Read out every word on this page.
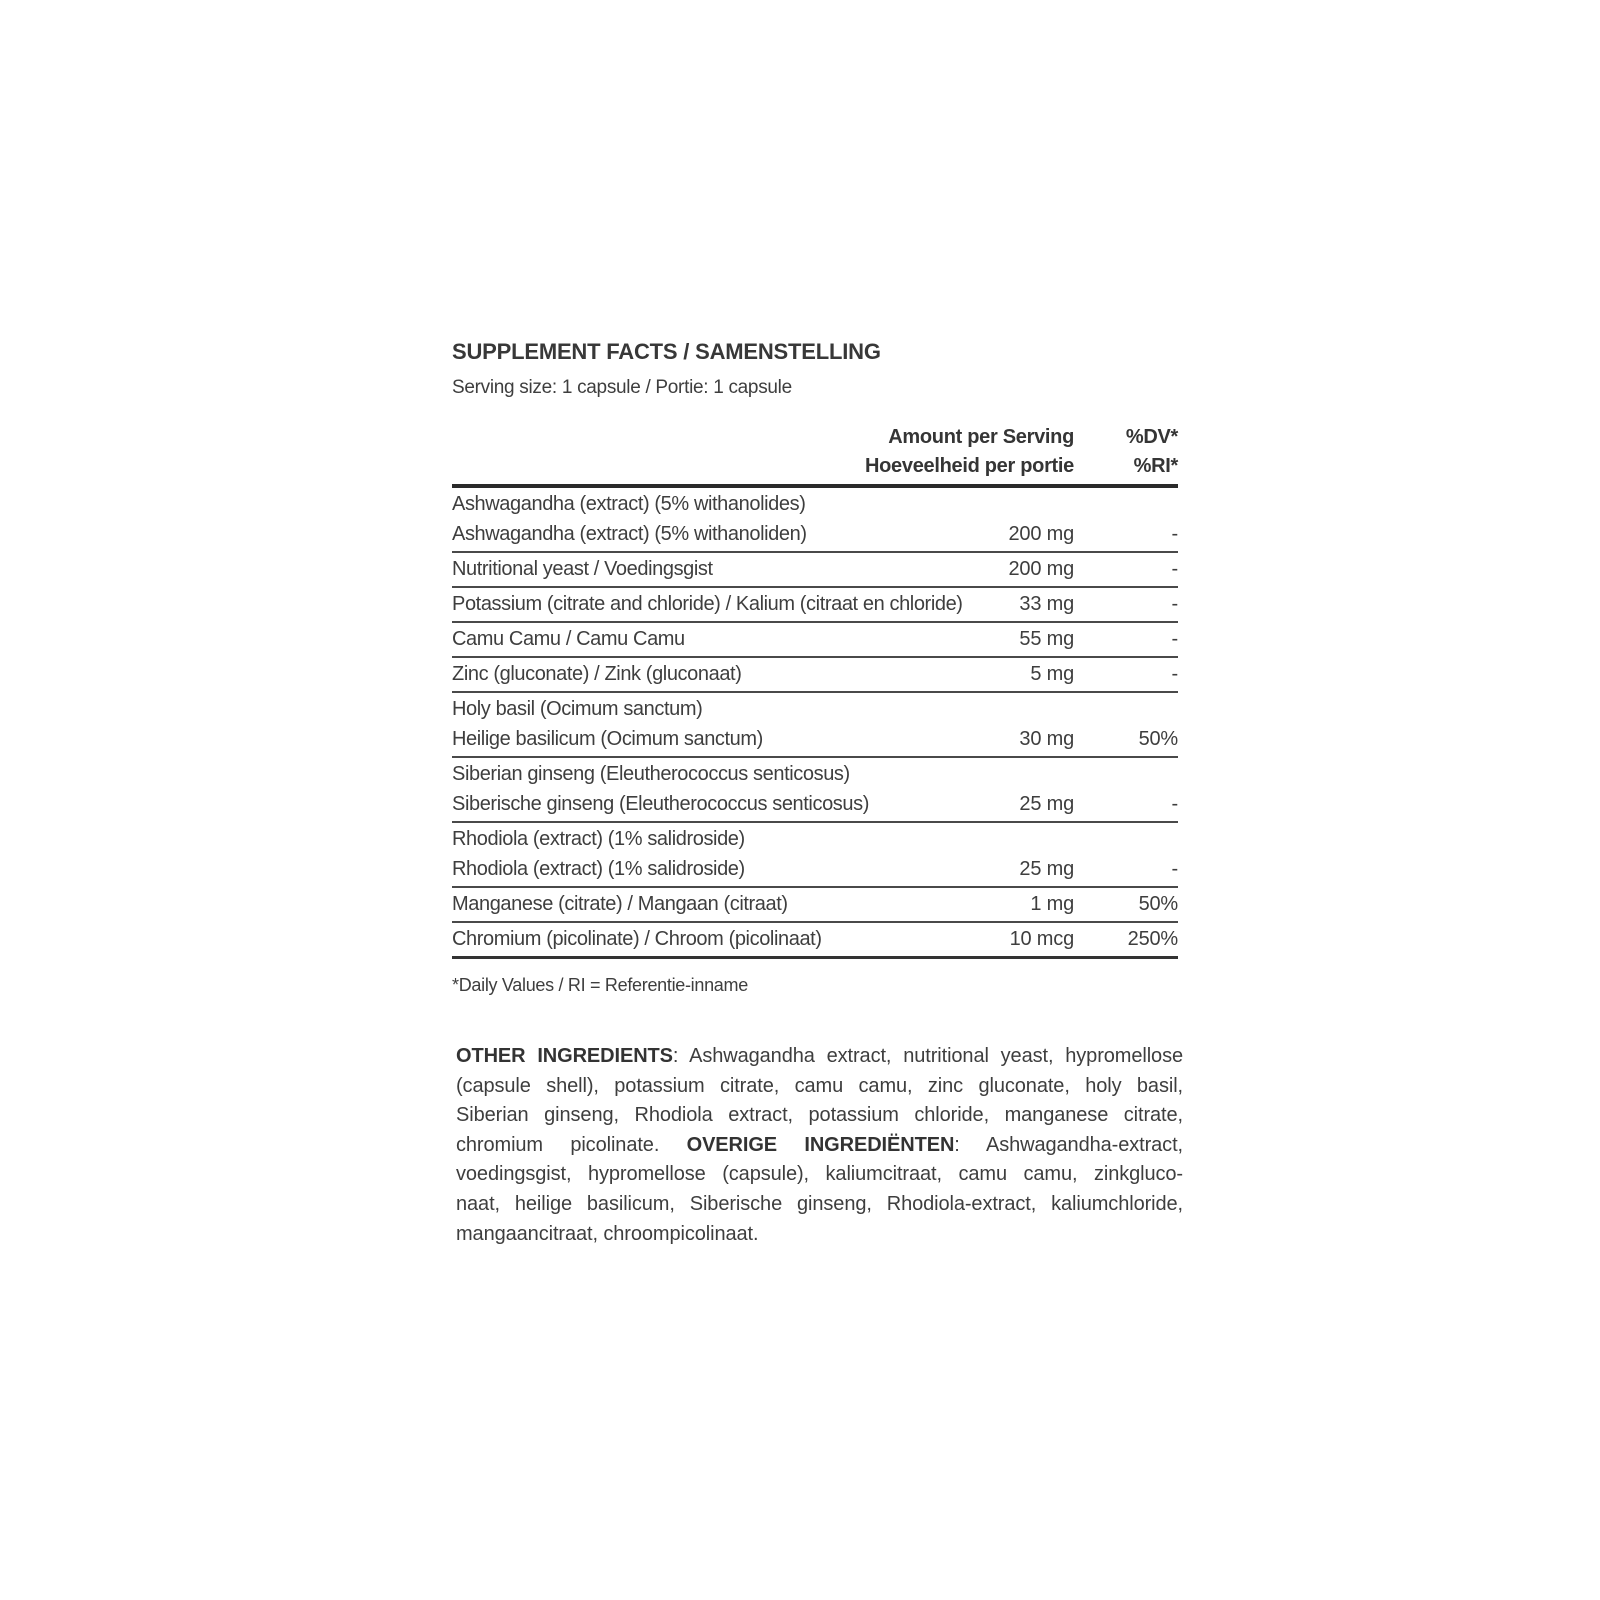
SUPPLEMENT FACTS / SAMENSTELLING

Serving size: 1 capsule / Portie: 1 capsule

Amount per Serving	%DV*
Hoeveelheid per portie	%RI*
Ashwagandha (extract) (5% withanolides)
Ashwagandha (extract) (5% withanoliden)	200 mg	-
Nutritional yeast / Voedingsgist	200 mg	-
Potassium (citrate and chloride) / Kalium (citraat en chloride)	33 mg	-
Camu Camu / Camu Camu	55 mg	-
Zinc (gluconate) / Zink (gluconaat)	5 mg	-
Holy basil (Ocimum sanctum)
Heilige basilicum (Ocimum sanctum)	30 mg	50%
Siberian ginseng (Eleutherococcus senticosus)
Siberische ginseng (Eleutherococcus senticosus)	25 mg	-
Rhodiola (extract) (1% salidroside)
Rhodiola (extract) (1% salidroside)	25 mg	-
Manganese (citrate) / Mangaan (citraat)	1 mg	50%
Chromium (picolinate) / Chroom (picolinaat)	10 mcg	250%

*Daily Values / RI = Referentie-inname

OTHER INGREDIENTS: Ashwagandha extract, nutritional yeast, hypromellose
(capsule shell), potassium citrate, camu camu, zinc gluconate, holy basil,
Siberian ginseng, Rhodiola extract, potassium chloride, manganese citrate,
chromium picolinate. OVERIGE INGREDIËNTEN: Ashwagandha-extract,
voedingsgist, hypromellose (capsule), kaliumcitraat, camu camu, zinkgluco-
naat, heilige basilicum, Siberische ginseng, Rhodiola-extract, kaliumchloride,
mangaancitraat, chroompicolinaat.
